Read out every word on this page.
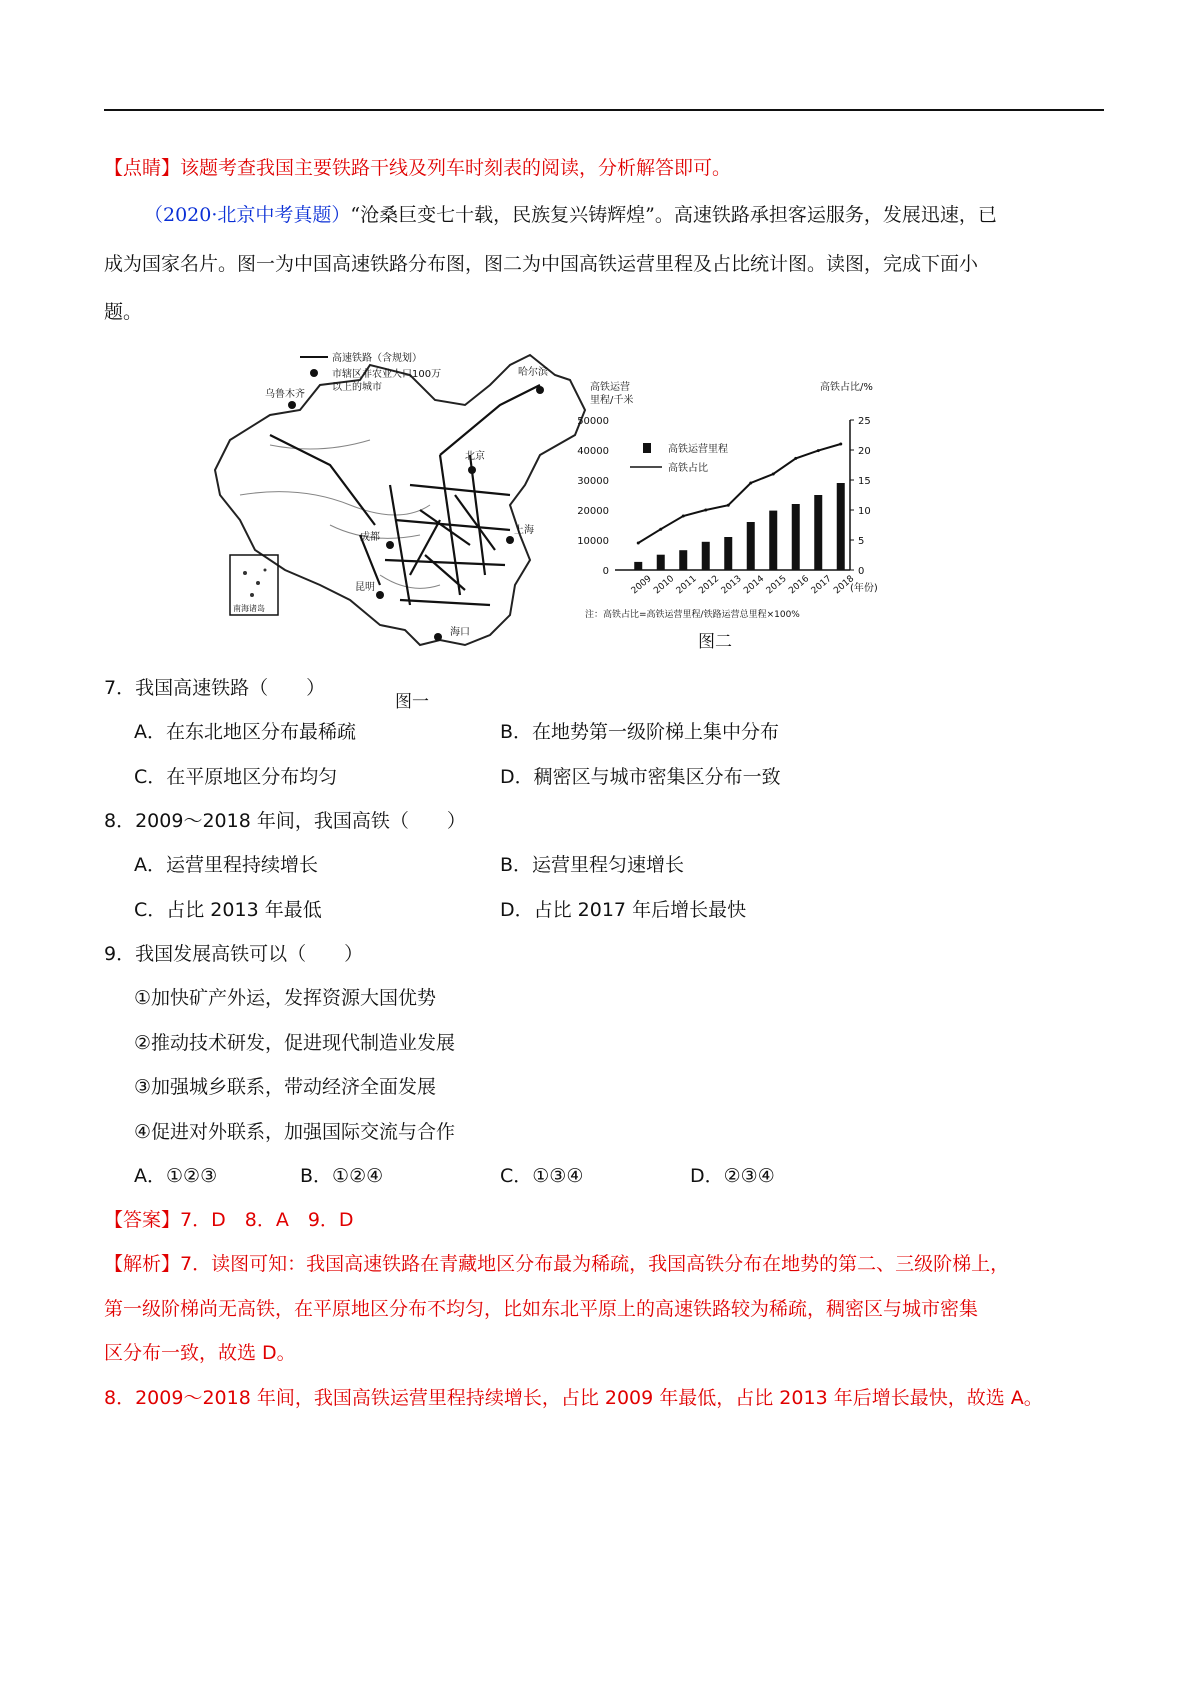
【点睛】该题考查我国主要铁路干线及列车时刻表的阅读，分析解答即可。
（2020·北京中考真题）“沧桑巨变七十载，民族复兴铸辉煌”。高速铁路承担客运服务，发展迅速，已
成为国家名片。图一为中国高速铁路分布图，图二为中国高铁运营里程及占比统计图。读图，完成下面小
题。
乌鲁木齐
哈尔滨
北京
上海
成都
昆明
海口
高速铁路（含规划）
市辖区非农业人口100万
以上的城市
南海诸岛
图一
高铁运营
里程/千米
高铁占比/%
0
10000
20000
30000
40000
50000
0
5
10
15
20
25
2009
2010
2011
2012
2013
2014
2015
2016
2017
2018
(年份)
高铁运营里程
高铁占比
注：高铁占比=高铁运营里程/铁路运营总里程×100%
图二
7．我国高速铁路（　　）
A．在东北地区分布最稀疏	B．在地势第一级阶梯上集中分布
C．在平原地区分布均匀	D．稠密区与城市密集区分布一致
8．2009～2018 年间，我国高铁（　　）
A．运营里程持续增长	B．运营里程匀速增长
C．占比 2013 年最低	D．占比 2017 年后增长最快
9．我国发展高铁可以（　　）
①加快矿产外运，发挥资源大国优势
②推动技术研发，促进现代制造业发展
③加强城乡联系，带动经济全面发展
④促进对外联系，加强国际交流与合作
A．①②③	B．①②④	C．①③④	D．②③④
【答案】7．D　8．A　9．D
【解析】7．读图可知：我国高速铁路在青藏地区分布最为稀疏，我国高铁分布在地势的第二、三级阶梯上，
第一级阶梯尚无高铁，在平原地区分布不均匀，比如东北平原上的高速铁路较为稀疏，稠密区与城市密集
区分布一致，故选 D。
8．2009～2018 年间，我国高铁运营里程持续增长，占比 2009 年最低，占比 2013 年后增长最快，故选 A。
